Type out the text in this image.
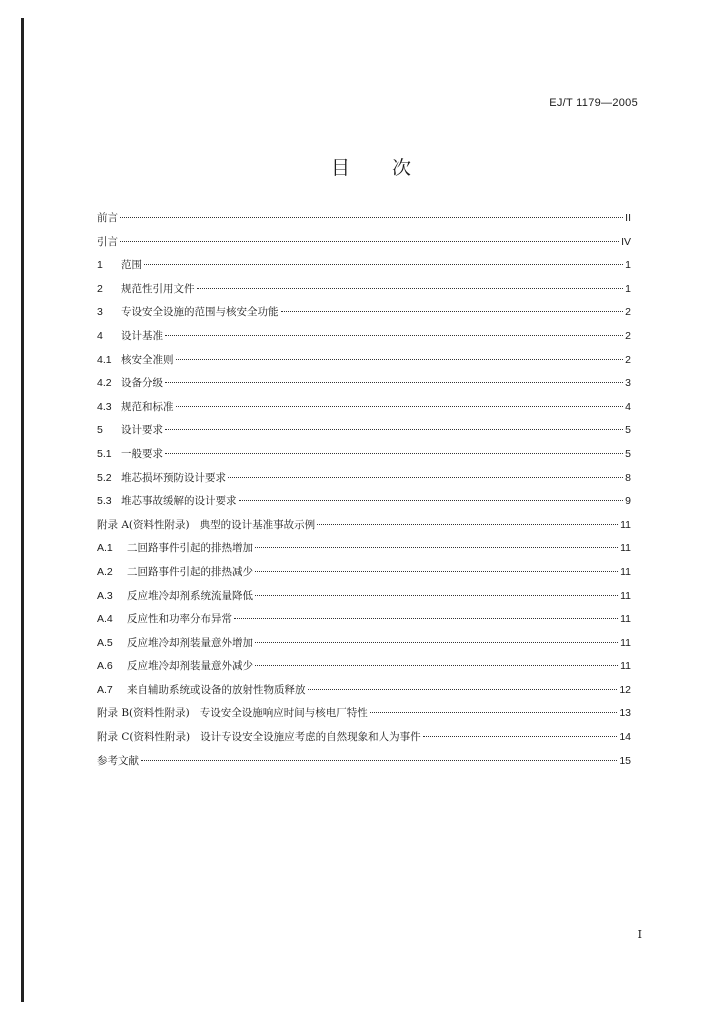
EJ/T 1179—2005
目 次
前言	II
引言	IV
1 范围	1
2 规范性引用文件	1
3 专设安全设施的范围与核安全功能	2
4 设计基准	2
4.1 核安全准则	2
4.2 设备分级	3
4.3 规范和标准	4
5 设计要求	5
5.1 一般要求	5
5.2 堆芯损坏预防设计要求	8
5.3 堆芯事故缓解的设计要求	9
附录 A(资料性附录)   典型的设计基准事故示例	11
A.1 二回路事件引起的排热增加	11
A.2 二回路事件引起的排热减少	11
A.3 反应堆冷却剂系统流量降低	11
A.4 反应性和功率分布异常	11
A.5 反应堆冷却剂装量意外增加	11
A.6 反应堆冷却剂装量意外减少	11
A.7 来自辅助系统或设备的放射性物质释放	12
附录 B(资料性附录)   专设安全设施响应时间与核电厂特性	13
附录 C(资料性附录)   设计专设安全设施应考虑的自然现象和人为事件	14
参考文献	15
I
